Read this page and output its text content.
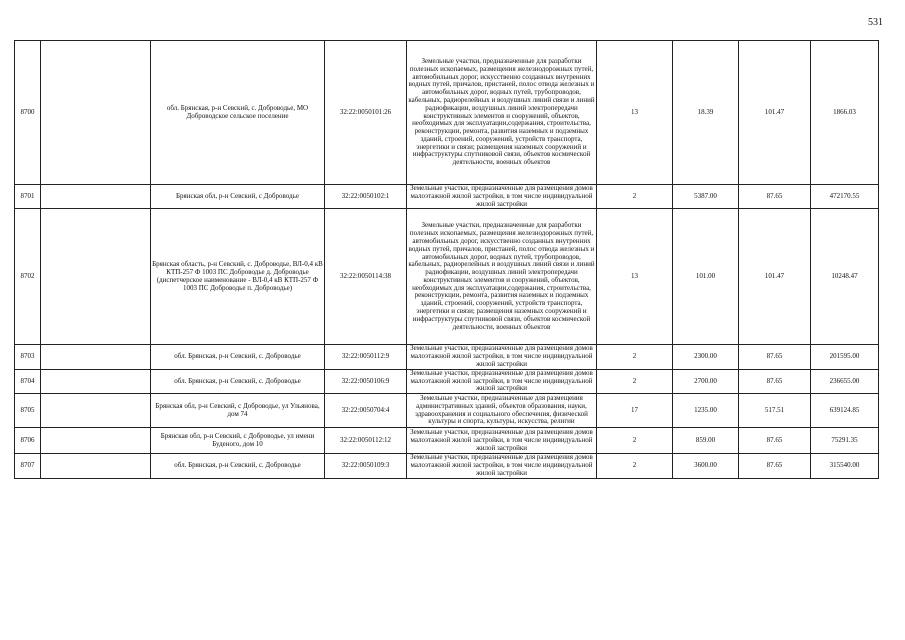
531
8700		обл. Брянская, р-н Севский, с. Доброводье, МО Доброводское сельское поселение	32:22:0050101:26	Земельные участки, предназначенные для разработки полезных ископаемых, размещения железнодорожных путей, автомобильных дорог, искусственно созданных внутренних водных путей, причалов, пристаней, полос отвода железных и автомобильных дорог, водных путей, трубопроводов, кабельных, радиорелейных и воздушных линий связи и линий радиофикации, воздушных линий электропередачи конструктивных элементов и сооружений, объектов, необходимых для эксплуатации,содержания, строительства, реконструкции, ремонта, развития наземных и подземных зданий, строений, сооружений, устройств транспорта, энергетики и связи; размещения наземных сооружений и инфраструктуры спутниковой связи, объектов космической деятельности, военных объектов	13	18.39	101.47	1866.03
8701		Брянская обл, р-н Севский, с Доброводье	32:22:0050102:1	Земельные участки, предназначенные для размещения домов малоэтажной жилой застройки, в том числе индивидуальной жилой застройки	2	5387.00	87.65	472170.55
8702		Брянская область, р-н Севский, с. Доброводье, ВЛ-0,4 кВ КТП-257 Ф 1003 ПС Доброводье д. Доброводье (диспетчерское наименование - ВЛ-0,4 кВ КТП-257 Ф 1003 ПС Доброводье п. Доброводье)	32:22:0050114:38	Земельные участки, предназначенные для разработки полезных ископаемых, размещения железнодорожных путей, автомобильных дорог, искусственно созданных внутренних водных путей, причалов, пристаней, полос отвода железных и автомобильных дорог, водных путей, трубопроводов, кабельных, радиорелейных и воздушных линий связи и линий радиофикации, воздушных линий электропередачи конструктивных элементов и сооружений, объектов, необходимых для эксплуатации,содержания, строительства, реконструкции, ремонта, развития наземных и подземных зданий, строений, сооружений, устройств транспорта, энергетики и связи; размещения наземных сооружений и инфраструктуры спутниковой связи, объектов космической деятельности, военных объектов	13	101.00	101.47	10248.47
8703		обл. Брянская, р-н Севский, с. Доброводье	32:22:0050112:9	Земельные участки, предназначенные для размещения домов малоэтажной жилой застройки, в том числе индивидуальной жилой застройки	2	2300.00	87.65	201595.00
8704		обл. Брянская, р-н Севский, с. Доброводье	32:22:0050106:9	Земельные участки, предназначенные для размещения домов малоэтажной жилой застройки, в том числе индивидуальной жилой застройки	2	2700.00	87.65	236655.00
8705		Брянская обл, р-н Севский, с Доброводье, ул Ульянова, дом 74	32:22:0050704:4	Земельные участки, предназначенные для размещения административных зданий, объектов образования, науки, здравоохранения и социального обеспечения, физической культуры и спорта, культуры, искусства, религии	17	1235.00	517.51	639124.85
8706		Брянская обл, р-н Севский, с Доброводье, ул имени Буденого, дом 10	32:22:0050112:12	Земельные участки, предназначенные для размещения домов малоэтажной жилой застройки, в том числе индивидуальной жилой застройки	2	859.00	87.65	75291.35
8707		обл. Брянская, р-н Севский, с. Доброводье	32:22:0050109:3	Земельные участки, предназначенные для размещения домов малоэтажной жилой застройки, в том числе индивидуальной жилой застройки	2	3600.00	87.65	315540.00
